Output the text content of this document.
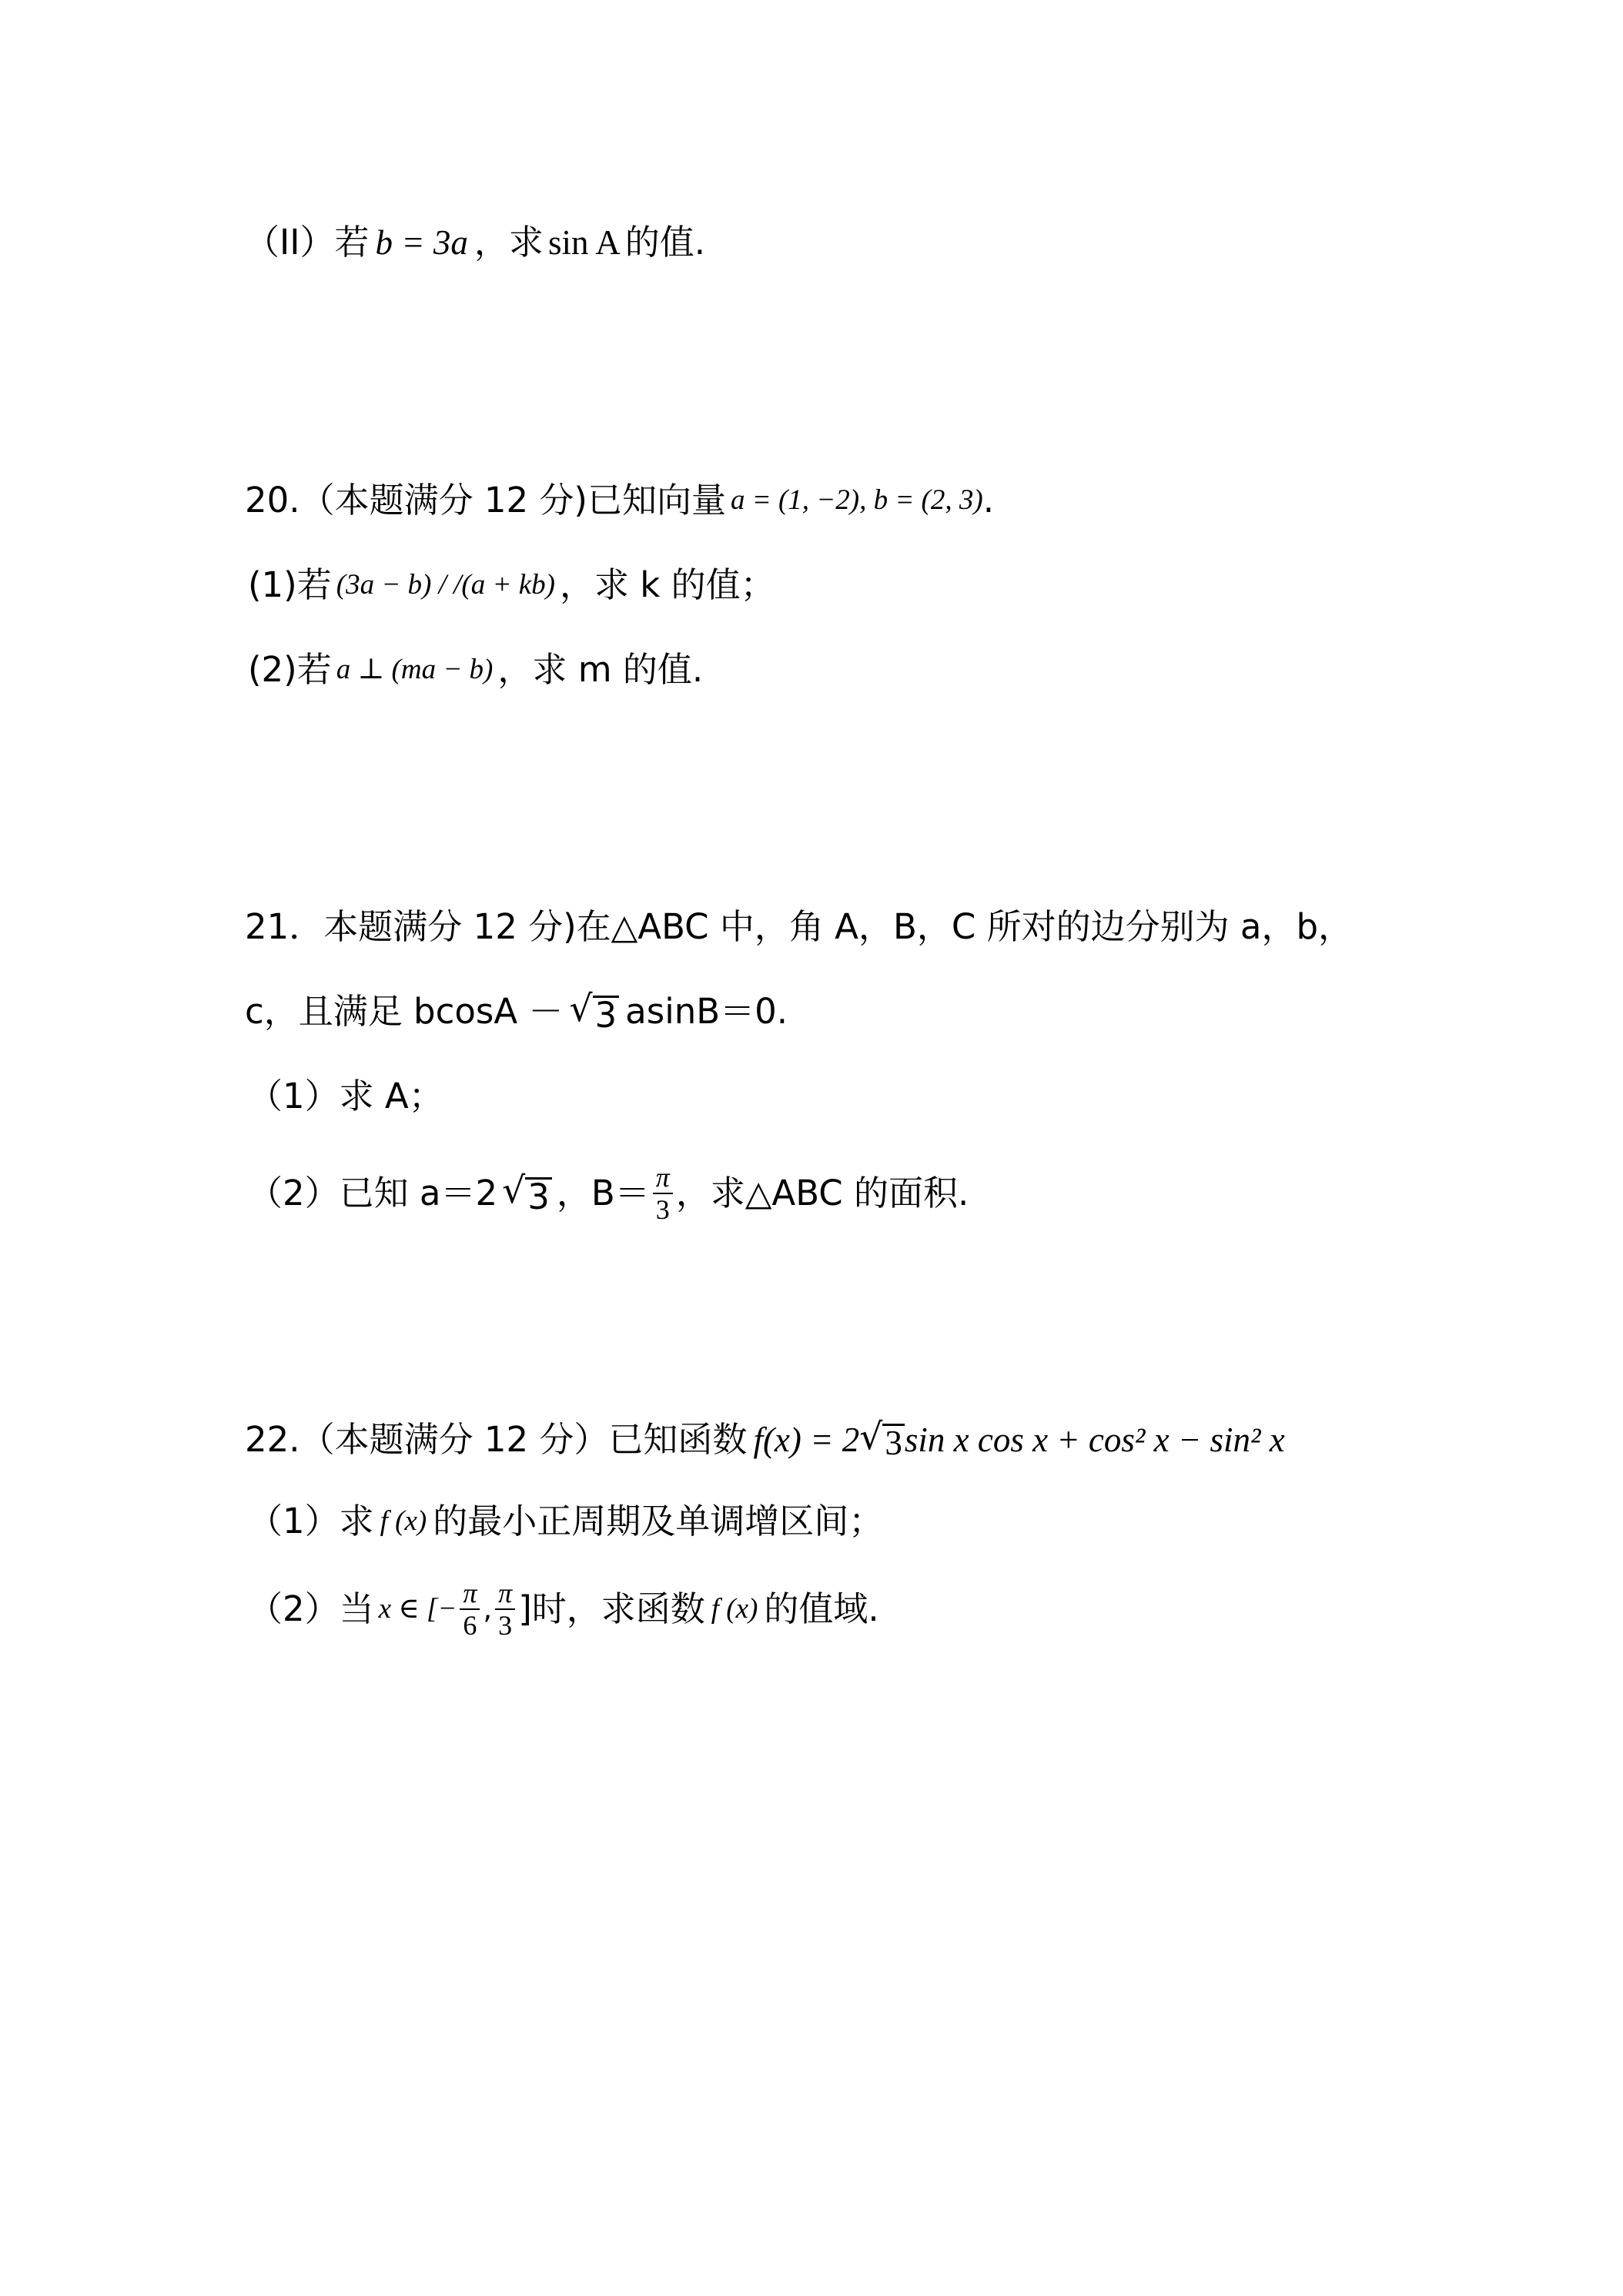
（II）若 b = 3a ，求 sin A 的值.
20.（本题满分 12 分)已知向量 a = (1, −2), b = (2, 3) .
(1)若 (3a − b) / /(a + kb) ，求 k 的值；
(2)若 a ⊥ (ma − b) ，求 m 的值.
21．本题满分 12 分)在△ABC 中，角 A，B，C 所对的边分别为 a，b，
c，且满足 bcosA － √ 3 asinB＝0.
（1）求 A；
（2）已知 a＝2 √ 3 ，$B= \frac{\pi}{3}$ ，求△ABC 的面积.
22.（本题满分 12 分）已知函数 f(x) = 2 √ 3 sin x cos x + cos² x − sin² x
（1）求 f (x) 的最小正周期及单调增区间；
（2）当 x ∈ [− $\frac{\pi}{6}$ , $\frac{\pi}{3}$ ]时，求函数 f (x) 的值域.
